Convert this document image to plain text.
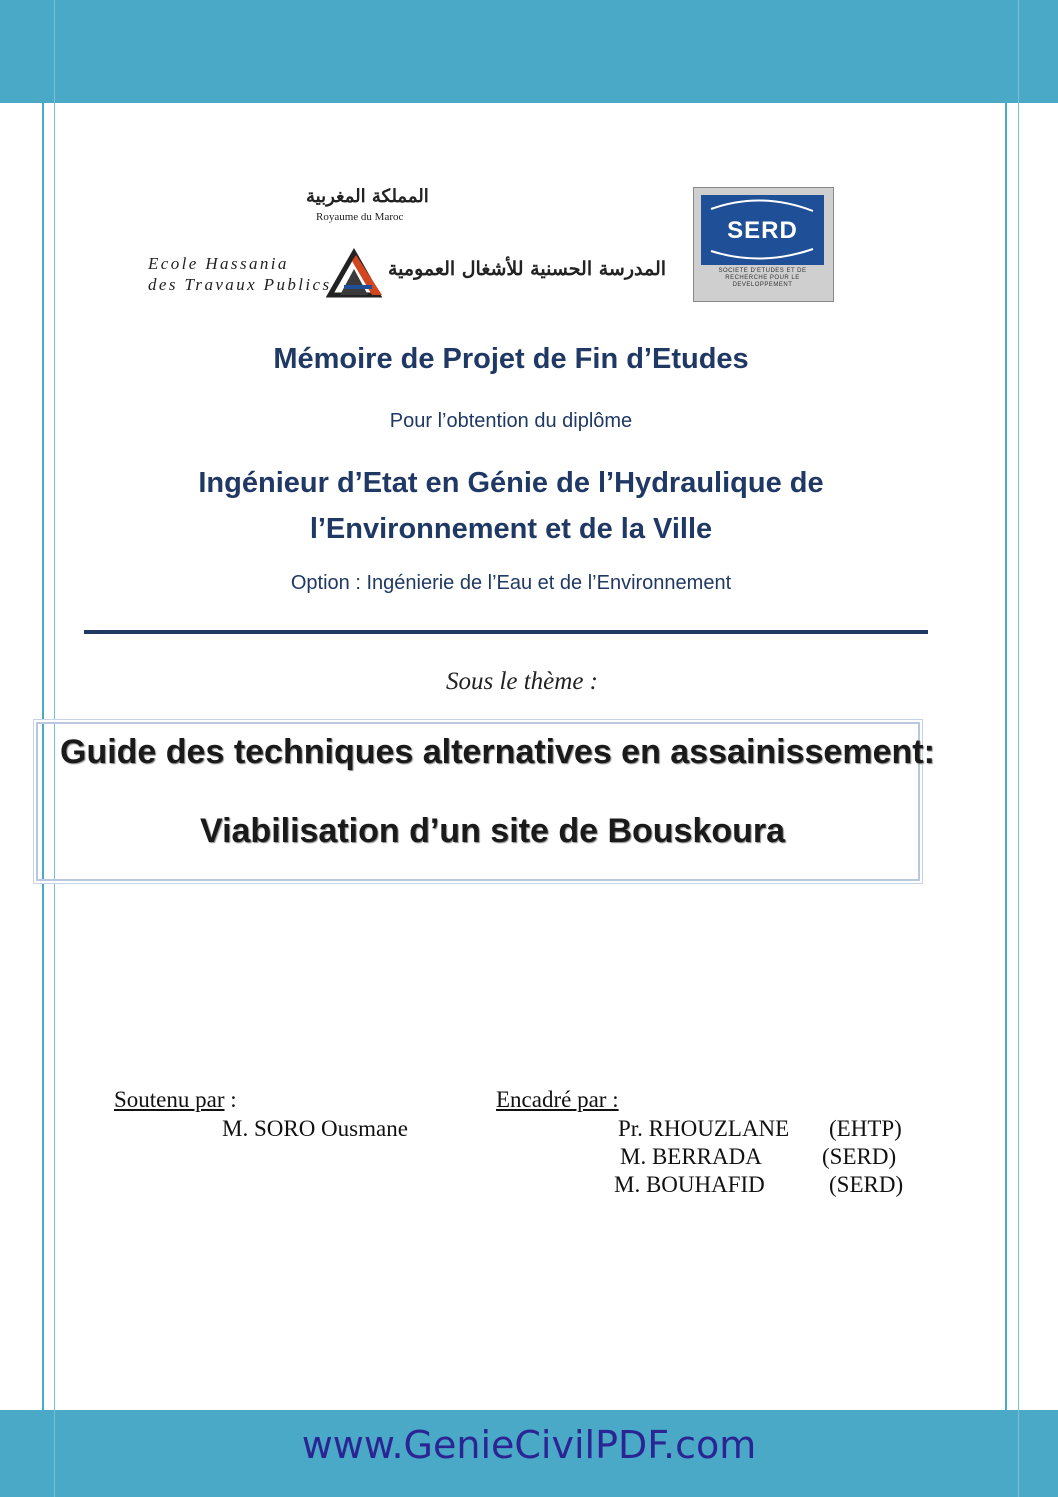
المملكة المغربية
Royaume du Maroc
Ecole Hassania
des Travaux Publics
المدرسة الحسنية للأشغال العمومية
SERD
SOCIETE D'ETUDES ET DE RECHERCHE POUR LE DEVELOPPEMENT
Mémoire de Projet de Fin d’Etudes
Pour l’obtention du diplôme
Ingénieur d’Etat en Génie de l’Hydraulique de
l’Environnement et de la Ville
Option : Ingénierie de l’Eau et de l’Environnement
Sous le thème :
Guide des techniques alternatives en assainissement:
Viabilisation d’un site de Bouskoura
Soutenu par :
M. SORO Ousmane
Encadré par :
Pr. RHOUZLANE (EHTP)
M. BERRADA	(SERD)
M. BOUHAFID	(SERD)
www.GenieCivilPDF.com
